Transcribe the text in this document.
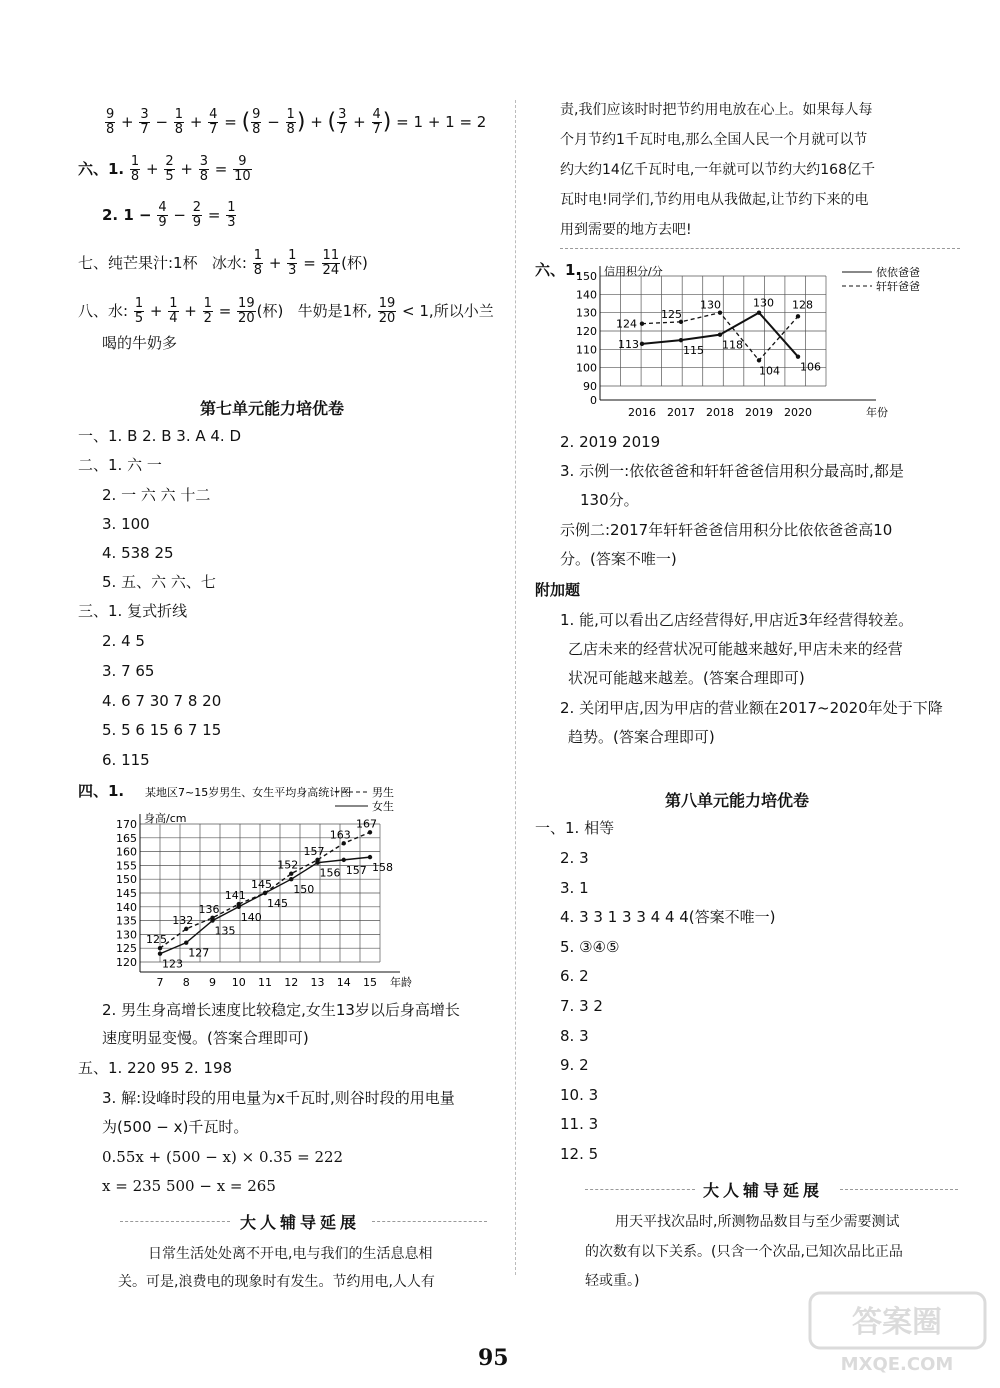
$\frac{9}{8} + \frac{3}{7} - \frac{1}{8} + \frac{4}{7}$ = ( $\frac{9}{8} - \frac{1}{8}$ ) + ( $\frac{3}{7} + \frac{4}{7}$ ) = 1 + 1 = 2
六、1. $\frac{1}{8} + \frac{2}{5} + \frac{3}{8} = \frac{9}{10}$
2. $1 - \frac{4}{9} - \frac{2}{9} = \frac{1}{3}$
七、纯芒果汁:1杯 冰水: $\frac{1}{8} + \frac{1}{3} = \frac{11}{24}$ (杯)
八、水: $\frac{1}{5} + \frac{1}{4} + \frac{1}{2} = \frac{19}{20}$ (杯) 牛奶是1杯, $\frac{19}{20} < 1$,所以小兰
喝的牛奶多
第七单元能力培优卷
一、1. B 2. B 3. A 4. D
二、1. 六 一
2. 一 六 六 十二
3. 100
4. 538 25
5. 五、六 六、七
三、1. 复式折线
2. 4 5
3. 7 65
4. 6 7 30 7 8 20
5. 5 6 15 6 7 15
6. 115
四、1. 某地区7~15岁男生、女生平均身高统计图
120
125
130
135
140
145
150
155
160
165
170 身高/cm
年龄
7 8 9 10 11 12 13 14 15
125
132
136
141
145
152
157
163
167
男生
123
127
135
140
145
150
156 157 158
女生
2. 男生身高增长速度比较稳定,女生13岁以后身高增长
速度明显变慢。(答案合理即可)
五、1. 220 95 2. 198
3. 解:设峰时段的用电量为x千瓦时,则谷时段的用电量
为(500 − x)千瓦时。
0.55x + (500 − x) × 0.35 = 222
x = 235 500 − x = 265
大人辅导延展
日常生活处处离不开电,电与我们的生活息息相
关。可是,浪费电的现象时有发生。节约用电,人人有
责,我们应该时时把节约用电放在心上。如果每人每
个月节约1千瓦时电,那么全国人民一个月就可以节
约大约14亿千瓦时电,一年就可以节约大约168亿千
瓦时电!同学们,节约用电从我做起,让节约下来的电
用到需要的地方去吧!
六、1.
0
90
100
110
120
130
140
150 信用积分/分
年份
2016 2017 2018 2019 2020
113	115 118
130
106
依依爸爸
124
125
130
104
128
轩轩爸爸
2. 2019 2019
3. 示例一:依依爸爸和轩轩爸爸信用积分最高时,都是
130分。
示例二:2017年轩轩爸爸信用积分比依依爸爸高10
分。(答案不唯一)
附加题
1. 能,可以看出乙店经营得好,甲店近3年经营得较差。
乙店未来的经营状况可能越来越好,甲店未来的经营
状况可能越来越差。(答案合理即可)
2. 关闭甲店,因为甲店的营业额在2017~2020年处于下降
趋势。(答案合理即可)
第八单元能力培优卷
一、1. 相等
2. 3
3. 1
4. 3 3 1 3 3 4 4 4(答案不唯一)
5. ③④⑤
6. 2
7. 3 2
8. 3
9. 2
10. 3
11. 3
12. 5
大人辅导延展
用天平找次品时,所测物品数目与至少需要测试
的次数有以下关系。(只含一个次品,已知次品比正品
轻或重。)
95
答案圈
MXQE.COM
